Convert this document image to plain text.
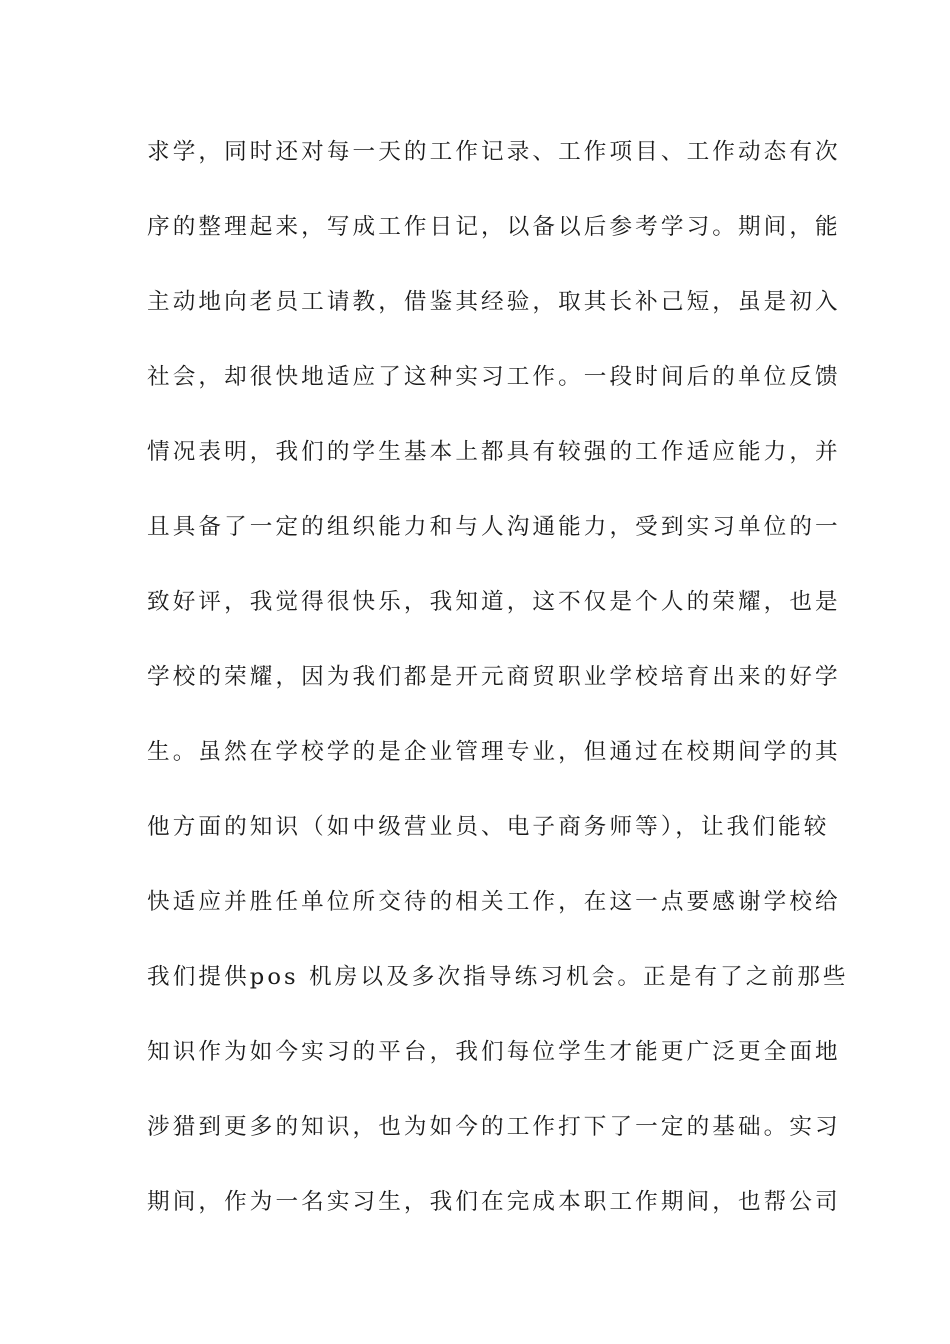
求学，同时还对每一天的工作记录、工作项目、工作动态有次
序的整理起来，写成工作日记，以备以后参考学习。期间，能
主动地向老员工请教，借鉴其经验，取其长补己短，虽是初入
社会，却很快地适应了这种实习工作。一段时间后的单位反馈
情况表明，我们的学生基本上都具有较强的工作适应能力，并
且具备了一定的组织能力和与人沟通能力，受到实习单位的一
致好评，我觉得很快乐，我知道，这不仅是个人的荣耀，也是
学校的荣耀，因为我们都是开元商贸职业学校培育出来的好学
生。虽然在学校学的是企业管理专业，但通过在校期间学的其
他方面的知识（如中级营业员、电子商务师等），让我们能较
快适应并胜任单位所交待的相关工作，在这一点要感谢学校给
我们提供pos 机房以及多次指导练习机会。正是有了之前那些
知识作为如今实习的平台，我们每位学生才能更广泛更全面地
涉猎到更多的知识，也为如今的工作打下了一定的基础。实习
期间，作为一名实习生，我们在完成本职工作期间，也帮公司
